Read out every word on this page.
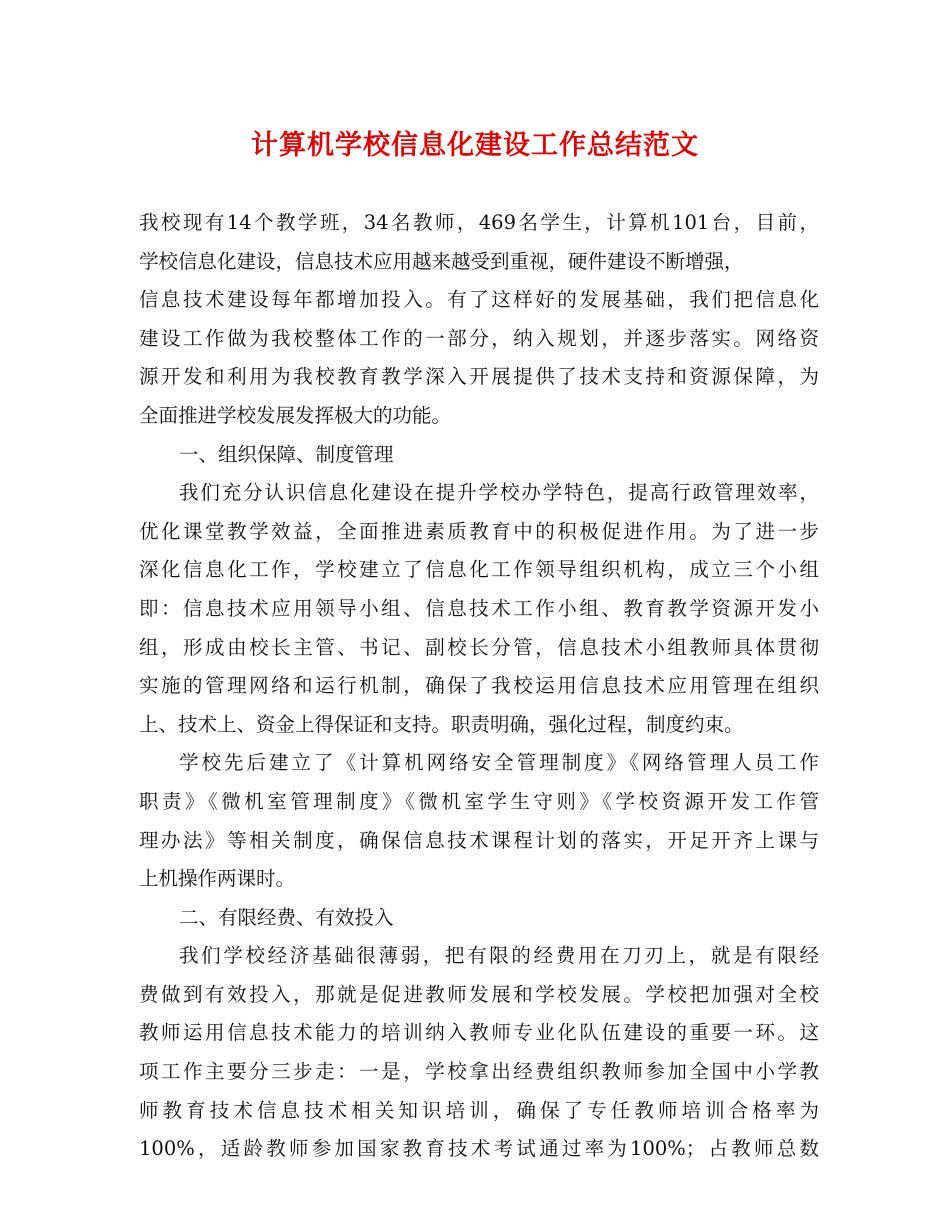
计算机学校信息化建设工作总结范文
我校现有14个教学班，34名教师，469名学生，计算机101台，目前，
学校信息化建设，信息技术应用越来越受到重视，硬件建设不断增强，
信息技术建设每年都增加投入。有了这样好的发展基础，我们把信息化
建设工作做为我校整体工作的一部分，纳入规划，并逐步落实。网络资
源开发和利用为我校教育教学深入开展提供了技术支持和资源保障，为
全面推进学校发展发挥极大的功能。
一、组织保障、制度管理
我们充分认识信息化建设在提升学校办学特色，提高行政管理效率，
优化课堂教学效益，全面推进素质教育中的积极促进作用。为了进一步
深化信息化工作，学校建立了信息化工作领导组织机构，成立三个小组
即：信息技术应用领导小组、信息技术工作小组、教育教学资源开发小
组，形成由校长主管、书记、副校长分管，信息技术小组教师具体贯彻
实施的管理网络和运行机制，确保了我校运用信息技术应用管理在组织
上、技术上、资金上得保证和支持。职责明确，强化过程，制度约束。
学校先后建立了《计算机网络安全管理制度》《网络管理人员工作
职责》《微机室管理制度》《微机室学生守则》《学校资源开发工作管
理办法》等相关制度，确保信息技术课程计划的落实，开足开齐上课与
上机操作两课时。
二、有限经费、有效投入
我们学校经济基础很薄弱，把有限的经费用在刀刃上，就是有限经
费做到有效投入，那就是促进教师发展和学校发展。学校把加强对全校
教师运用信息技术能力的培训纳入教师专业化队伍建设的重要一环。这
项工作主要分三步走：一是，学校拿出经费组织教师参加全国中小学教
师教育技术信息技术相关知识培训，确保了专任教师培训合格率为
100%，适龄教师参加国家教育技术考试通过率为100%；占教师总数
